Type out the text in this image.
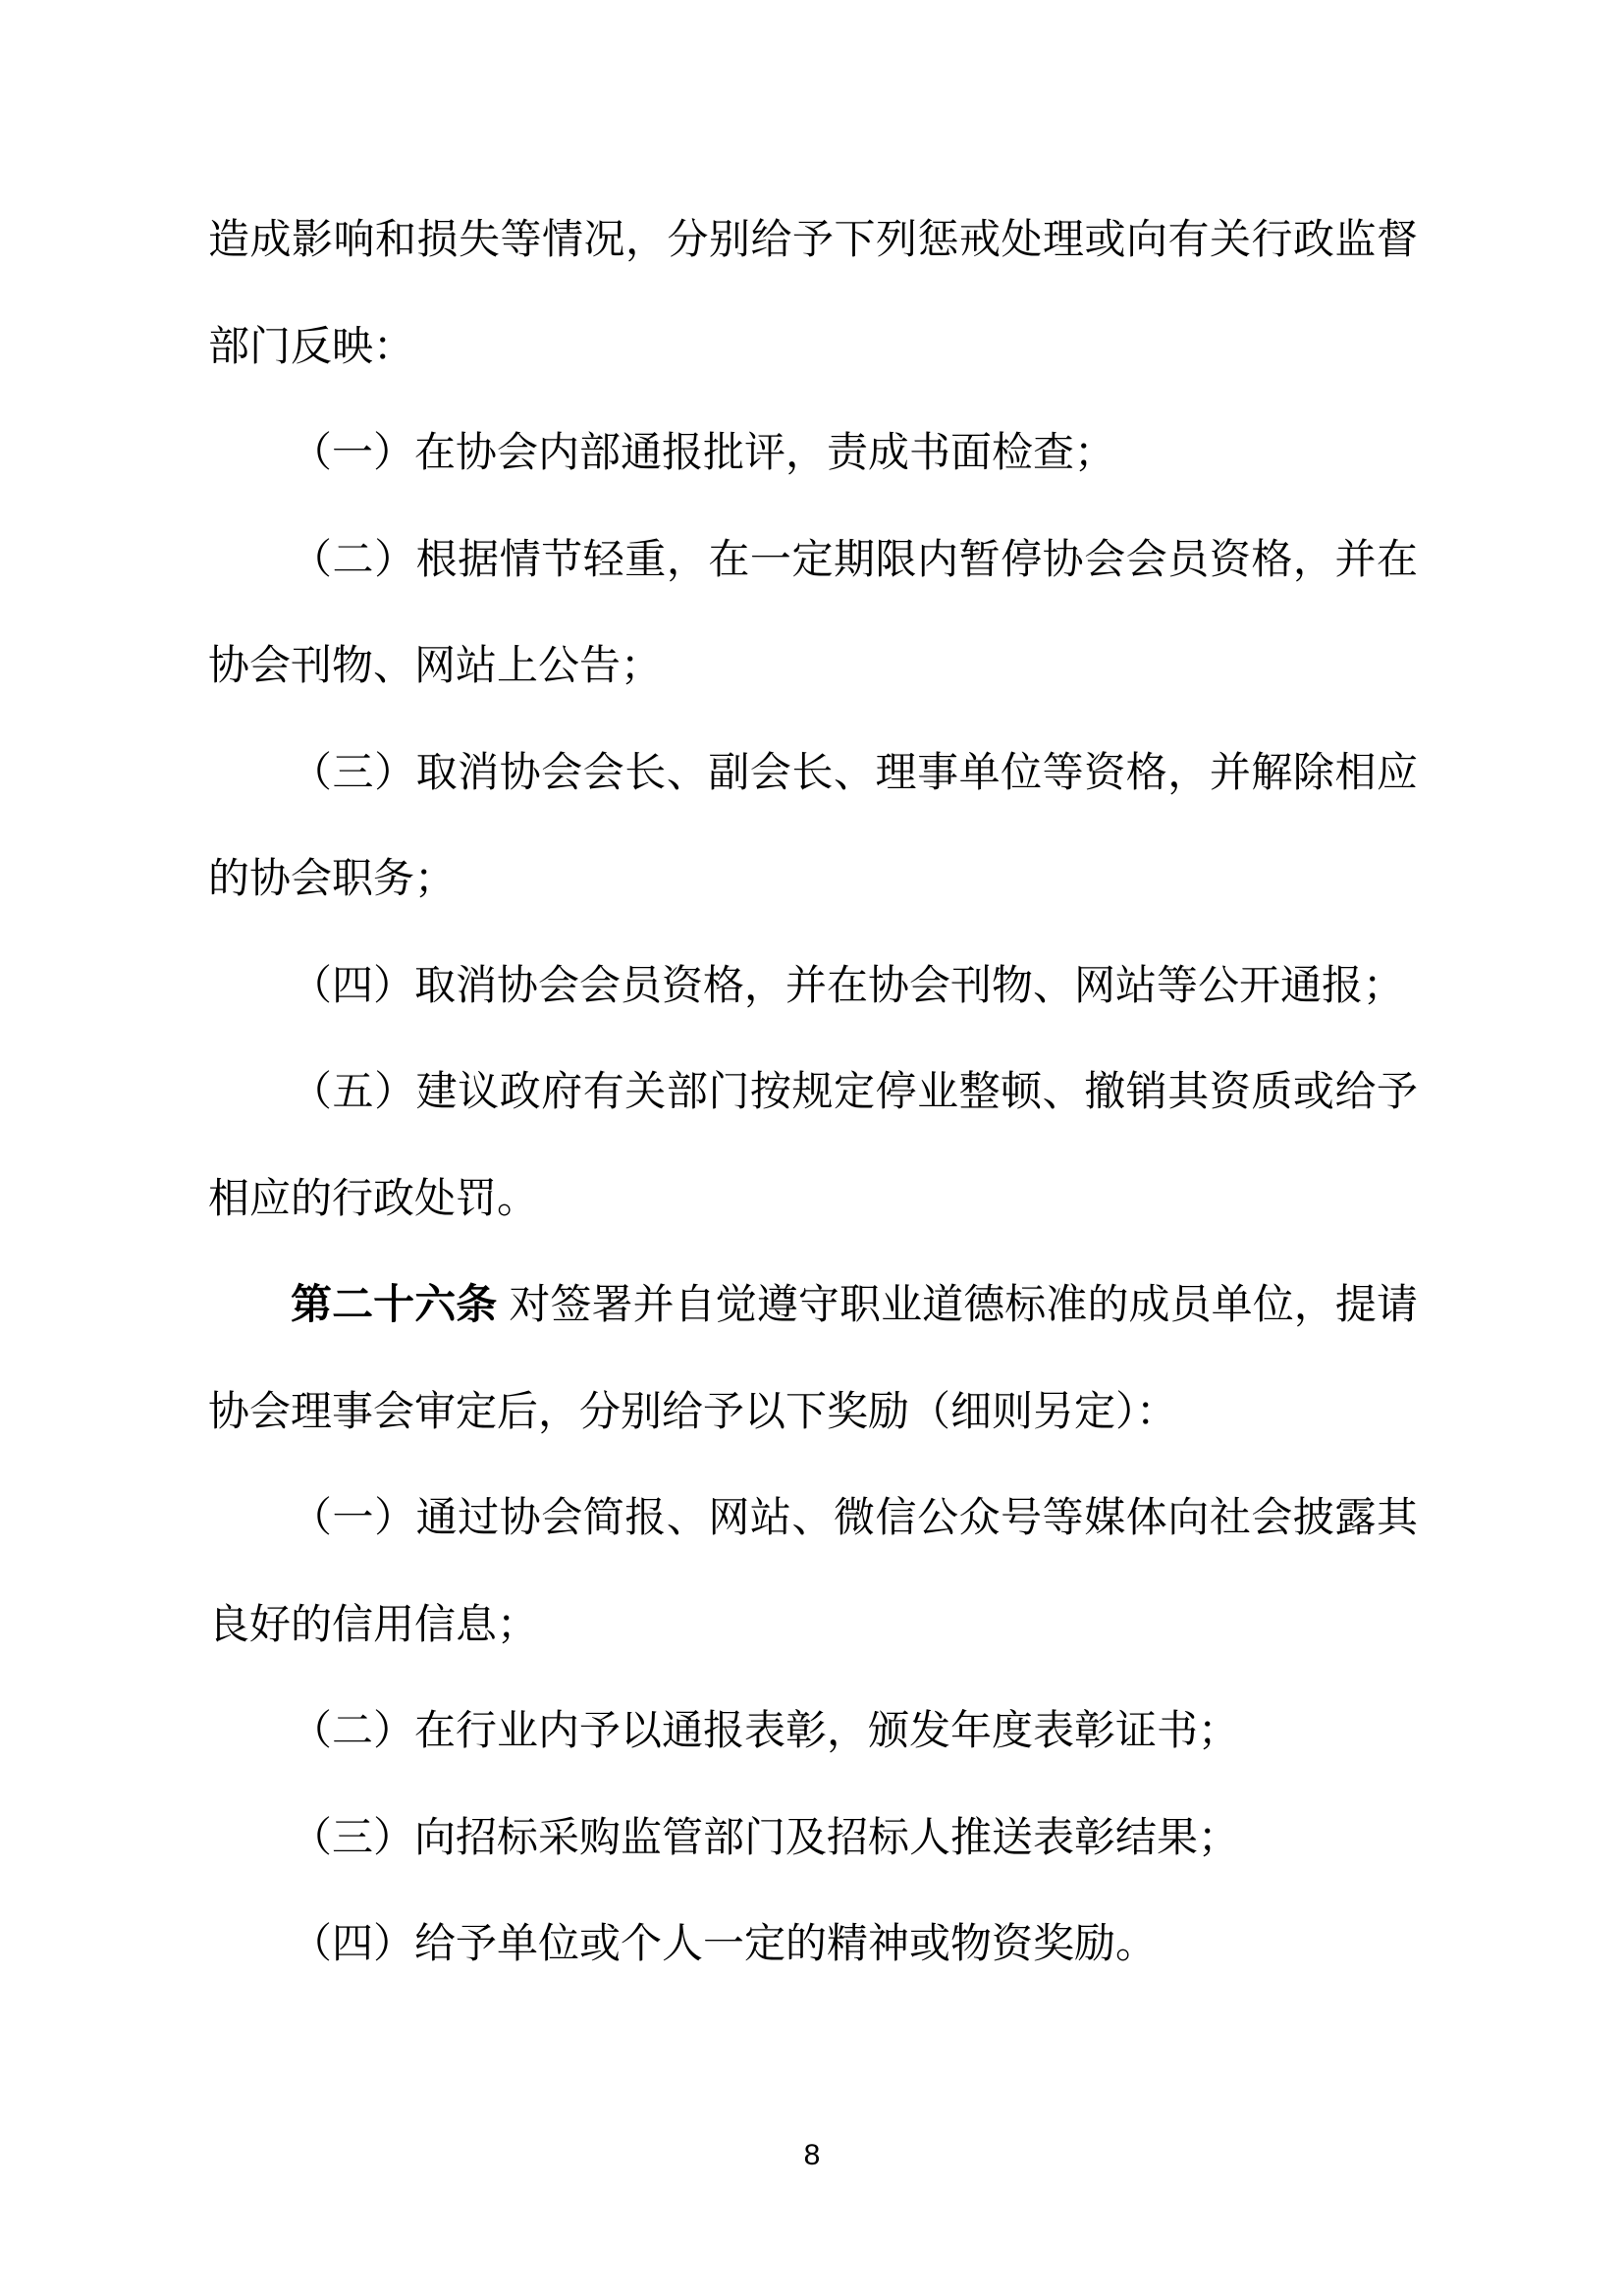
造成影响和损失等情况，分别给予下列惩戒处理或向有关行政监督
部门反映：
（一）在协会内部通报批评，责成书面检查；
（二）根据情节轻重，在一定期限内暂停协会会员资格，并在
协会刊物、网站上公告；
（三）取消协会会长、副会长、理事单位等资格，并解除相应
的协会职务；
（四）取消协会会员资格，并在协会刊物、网站等公开通报；
（五）建议政府有关部门按规定停业整顿、撤销其资质或给予
相应的行政处罚。
第二十六条 对签署并自觉遵守职业道德标准的成员单位，提请
协会理事会审定后，分别给予以下奖励（细则另定）：
（一）通过协会简报、网站、微信公众号等媒体向社会披露其
良好的信用信息；
（二）在行业内予以通报表彰，颁发年度表彰证书；
（三）向招标采购监管部门及招标人推送表彰结果；
（四）给予单位或个人一定的精神或物资奖励。
8
